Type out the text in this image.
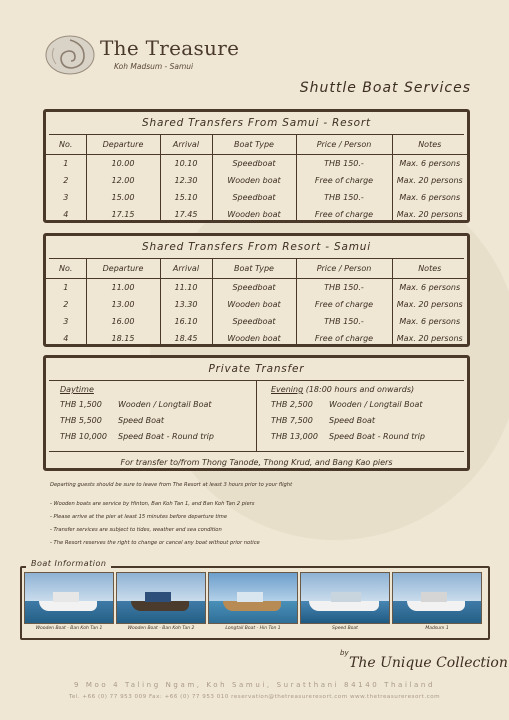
The Treasure
Koh Madsum - Samui
Shuttle Boat Services
Shared Transfers From Samui - Resort
No.	Departure	Arrival	Boat Type	Price / Person	Notes
1	10.00	10.10	Speedboat	THB 150.-	Max. 6 persons
2	12.00	12.30	Wooden boat	Free of charge	Max. 20 persons
3	15.00	15.10	Speedboat	THB 150.-	Max. 6 persons
4	17.15	17.45	Wooden boat	Free of charge	Max. 20 persons
Shared Transfers From Resort - Samui
No.	Departure	Arrival	Boat Type	Price / Person	Notes
1	11.00	11.10	Speedboat	THB 150.-	Max. 6 persons
2	13.00	13.30	Wooden boat	Free of charge	Max. 20 persons
3	16.00	16.10	Speedboat	THB 150.-	Max. 6 persons
4	18.15	18.45	Wooden boat	Free of charge	Max. 20 persons
Private Transfer
Daytime
THB 1,500	Wooden / Longtail Boat
THB 5,500	Speed Boat
THB 10,000	Speed Boat - Round trip
Evening (18:00 hours and onwards)
THB 2,500	Wooden / Longtail Boat
THB 7,500	Speed Boat
THB 13,000	Speed Boat - Round trip
For transfer to/from Thong Tanode, Thong Krud, and Bang Kao piers
Departing guests should be sure to leave from The Resort at least 3 hours prior to your flight
- Wooden boats are service by Hinton, Ban Koh Tan 1, and Ban Koh Tan 2 piers
- Please arrive at the pier at least 15 minutes before departure time
- Transfer services are subject to tides, weather and sea condition
- The Resort reserves the right to change or cancel any boat without prior notice
Boat Information
Wooden Boat - Ban Koh Tan 1	Wooden Boat - Ban Koh Tan 2	Longtail Boat - Hin Ton 1	Speed Boat	Madsum 1
by
The Unique Collection
9 Moo 4 Taling Ngam, Koh Samui, Suratthani 84140 Thailand
Tel. +66 (0) 77 953 009 Fax: +66 (0) 77 953 010 reservation@thetreasureresort.com www.thetreasureresort.com
